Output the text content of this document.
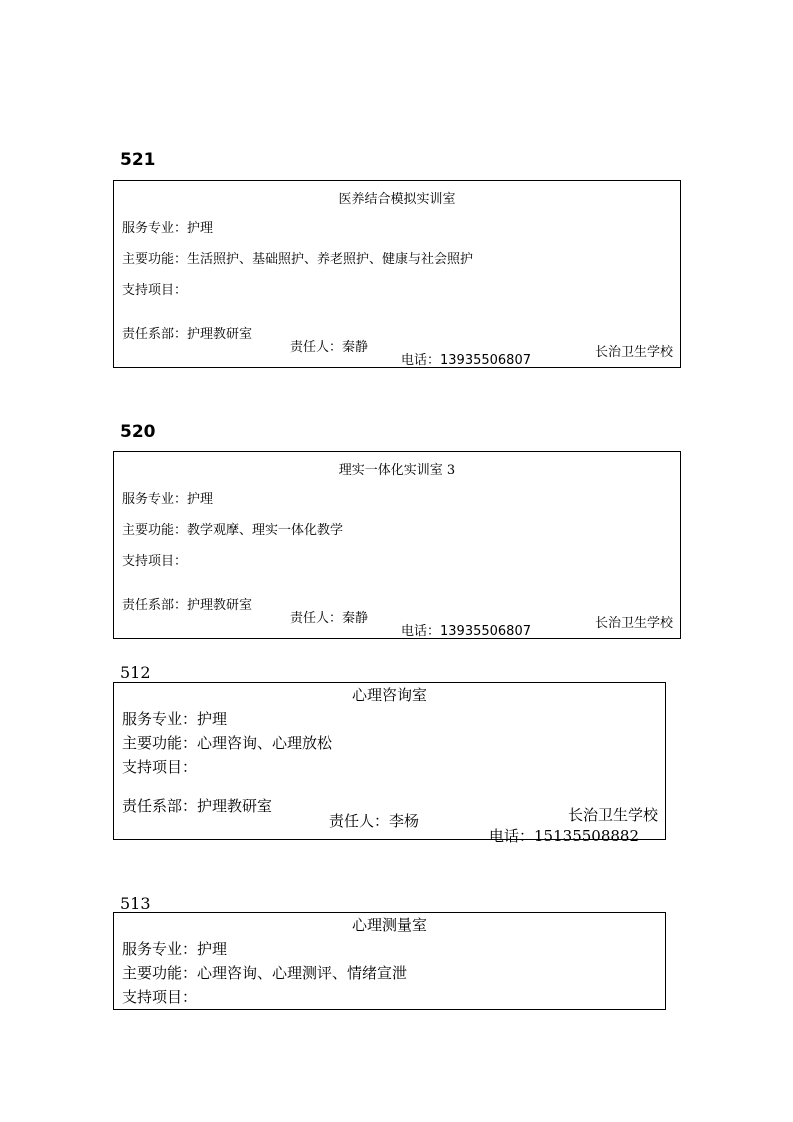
521
医养结合模拟实训室
服务专业：护理
主要功能：生活照护、基础照护、养老照护、健康与社会照护
支持项目：

责任系部：护理教研室

责任人：秦静

电话：13935506807

长治卫生学校
520
理实一体化实训室 3
服务专业：护理
主要功能：教学观摩、理实一体化教学
支持项目：

责任系部：护理教研室

责任人：秦静

电话：13935506807

长治卫生学校
512
心理咨询室
服务专业：护理
主要功能：心理咨询、心理放松
支持项目：

责任系部：护理教研室

责任人：李杨

电话：15135508882

长治卫生学校
513
心理测量室
服务专业：护理
主要功能：心理咨询、心理测评、情绪宣泄
支持项目：
